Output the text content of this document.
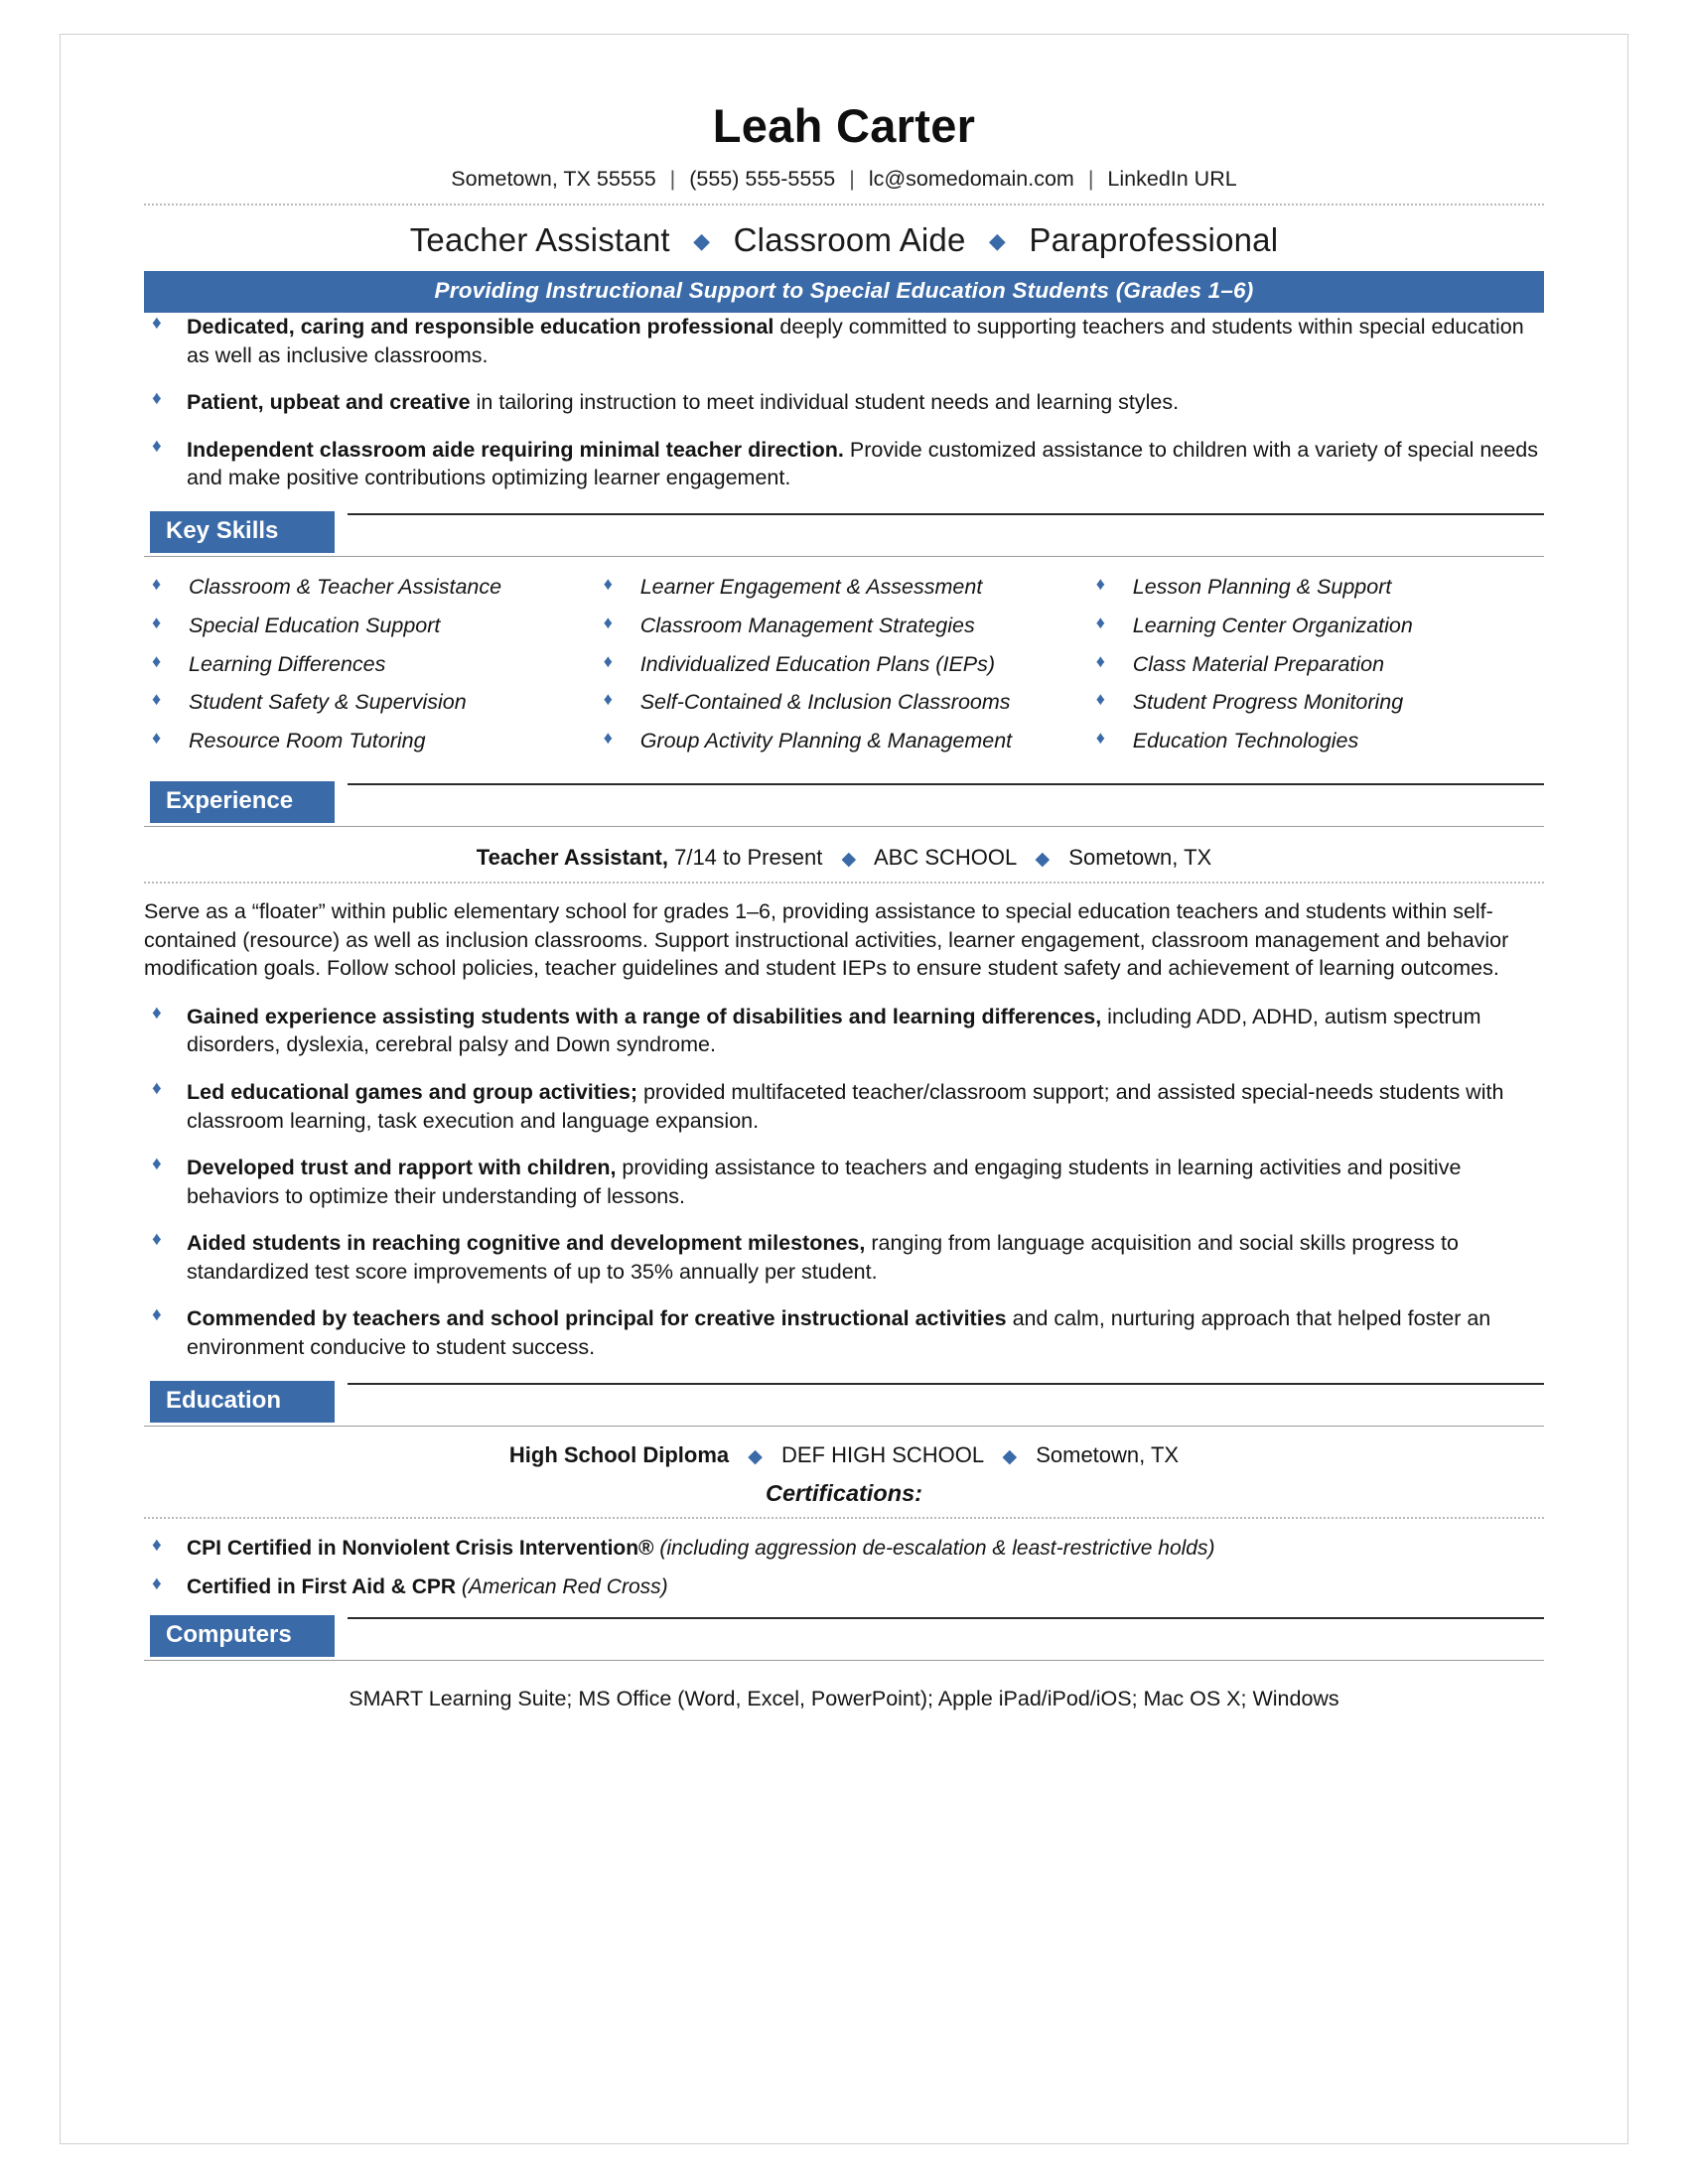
Leah Carter
Sometown, TX 55555 | (555) 555-5555 | lc@somedomain.com | LinkedIn URL
Teacher Assistant ◆ Classroom Aide ◆ Paraprofessional
Providing Instructional Support to Special Education Students (Grades 1–6)
♦ Dedicated, caring and responsible education professional deeply committed to supporting teachers and students within special education as well as inclusive classrooms.
♦ Patient, upbeat and creative in tailoring instruction to meet individual student needs and learning styles.
♦ Independent classroom aide requiring minimal teacher direction. Provide customized assistance to children with a variety of special needs and make positive contributions optimizing learner engagement.
Key Skills
♦ Classroom & Teacher Assistance
♦ Special Education Support
♦ Learning Differences
♦ Student Safety & Supervision
♦ Resource Room Tutoring
♦ Learner Engagement & Assessment
♦ Classroom Management Strategies
♦ Individualized Education Plans (IEPs)
♦ Self-Contained & Inclusion Classrooms
♦ Group Activity Planning & Management
♦ Lesson Planning & Support
♦ Learning Center Organization
♦ Class Material Preparation
♦ Student Progress Monitoring
♦ Education Technologies
Experience
Teacher Assistant, 7/14 to Present ◆ ABC SCHOOL ◆ Sometown, TX
Serve as a “floater” within public elementary school for grades 1–6, providing assistance to special education teachers and students within self-contained (resource) as well as inclusion classrooms. Support instructional activities, learner engagement, classroom management and behavior modification goals. Follow school policies, teacher guidelines and student IEPs to ensure student safety and achievement of learning outcomes.
♦ Gained experience assisting students with a range of disabilities and learning differences, including ADD, ADHD, autism spectrum disorders, dyslexia, cerebral palsy and Down syndrome.
♦ Led educational games and group activities; provided multifaceted teacher/classroom support; and assisted special-needs students with classroom learning, task execution and language expansion.
♦ Developed trust and rapport with children, providing assistance to teachers and engaging students in learning activities and positive behaviors to optimize their understanding of lessons.
♦ Aided students in reaching cognitive and development milestones, ranging from language acquisition and social skills progress to standardized test score improvements of up to 35% annually per student.
♦ Commended by teachers and school principal for creative instructional activities and calm, nurturing approach that helped foster an environment conducive to student success.
Education
High School Diploma ◆ DEF HIGH SCHOOL ◆ Sometown, TX
Certifications:
♦ CPI Certified in Nonviolent Crisis Intervention® (including aggression de-escalation & least-restrictive holds)
♦ Certified in First Aid & CPR (American Red Cross)
Computers
SMART Learning Suite; MS Office (Word, Excel, PowerPoint); Apple iPad/iPod/iOS; Mac OS X; Windows
